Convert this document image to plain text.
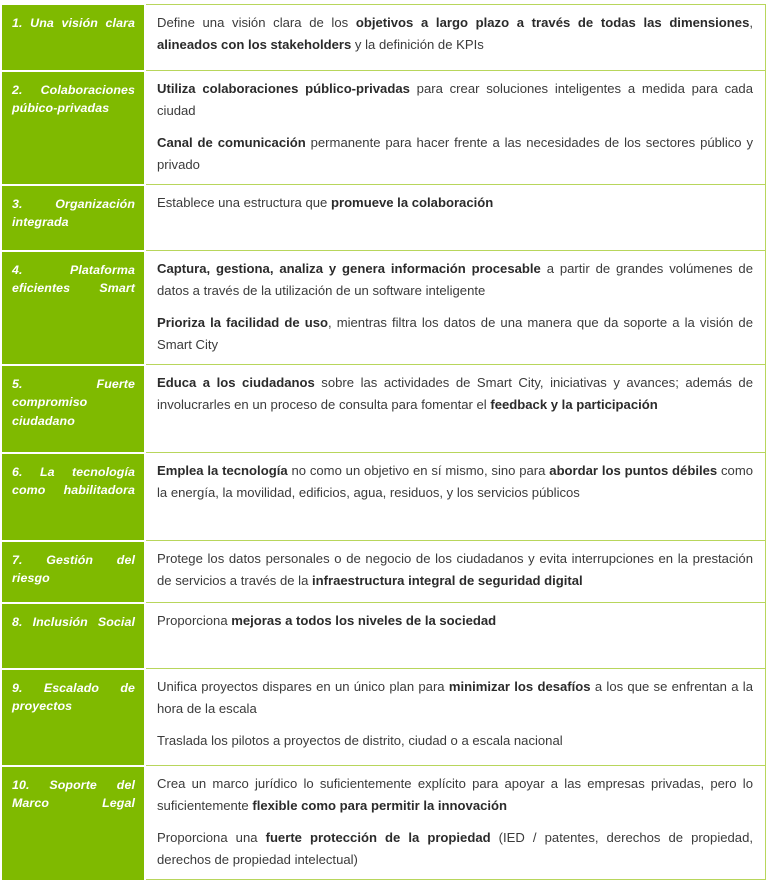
1. Una visión clara	Define una visión clara de los objetivos a largo plazo a través de todas las dimensiones, alineados con los stakeholders y la definición de KPIs

2. Colaboraciones púbico-privadas	Utiliza colaboraciones público-privadas para crear soluciones inteligentes a medida para cada ciudad

Canal de comunicación permanente para hacer frente a las necesidades de los sectores público y privado

3. Organización integrada	Establece una estructura que promueve la colaboración

4. Plataforma eficientes Smart	Captura, gestiona, analiza y genera información procesable a partir de grandes volúmenes de datos a través de la utilización de un software inteligente

Prioriza la facilidad de uso, mientras filtra los datos de una manera que da soporte a la visión de Smart City

5. Fuerte compromiso ciudadano	Educa a los ciudadanos sobre las actividades de Smart City, iniciativas y avances; además de involucrarles en un proceso de consulta para fomentar el feedback y la participación

6. La tecnología como habilitadora	Emplea la tecnología no como un objetivo en sí mismo, sino para abordar los puntos débiles como la energía, la movilidad, edificios, agua, residuos, y los servicios públicos

7. Gestión del riesgo	Protege los datos personales o de negocio de los ciudadanos y evita interrupciones en la prestación de servicios a través de la infraestructura integral de seguridad digital

8. Inclusión Social	Proporciona mejoras a todos los niveles de la sociedad

9. Escalado de proyectos	Unifica proyectos dispares en un único plan para minimizar los desafíos a los que se enfrentan a la hora de la escala

Traslada los pilotos a proyectos de distrito, ciudad o a escala nacional

10. Soporte del Marco Legal	Crea un marco jurídico lo suficientemente explícito para apoyar a las empresas privadas, pero lo suficientemente flexible como para permitir la innovación

Proporciona una fuerte protección de la propiedad (IED / patentes, derechos de propiedad, derechos de propiedad intelectual)
